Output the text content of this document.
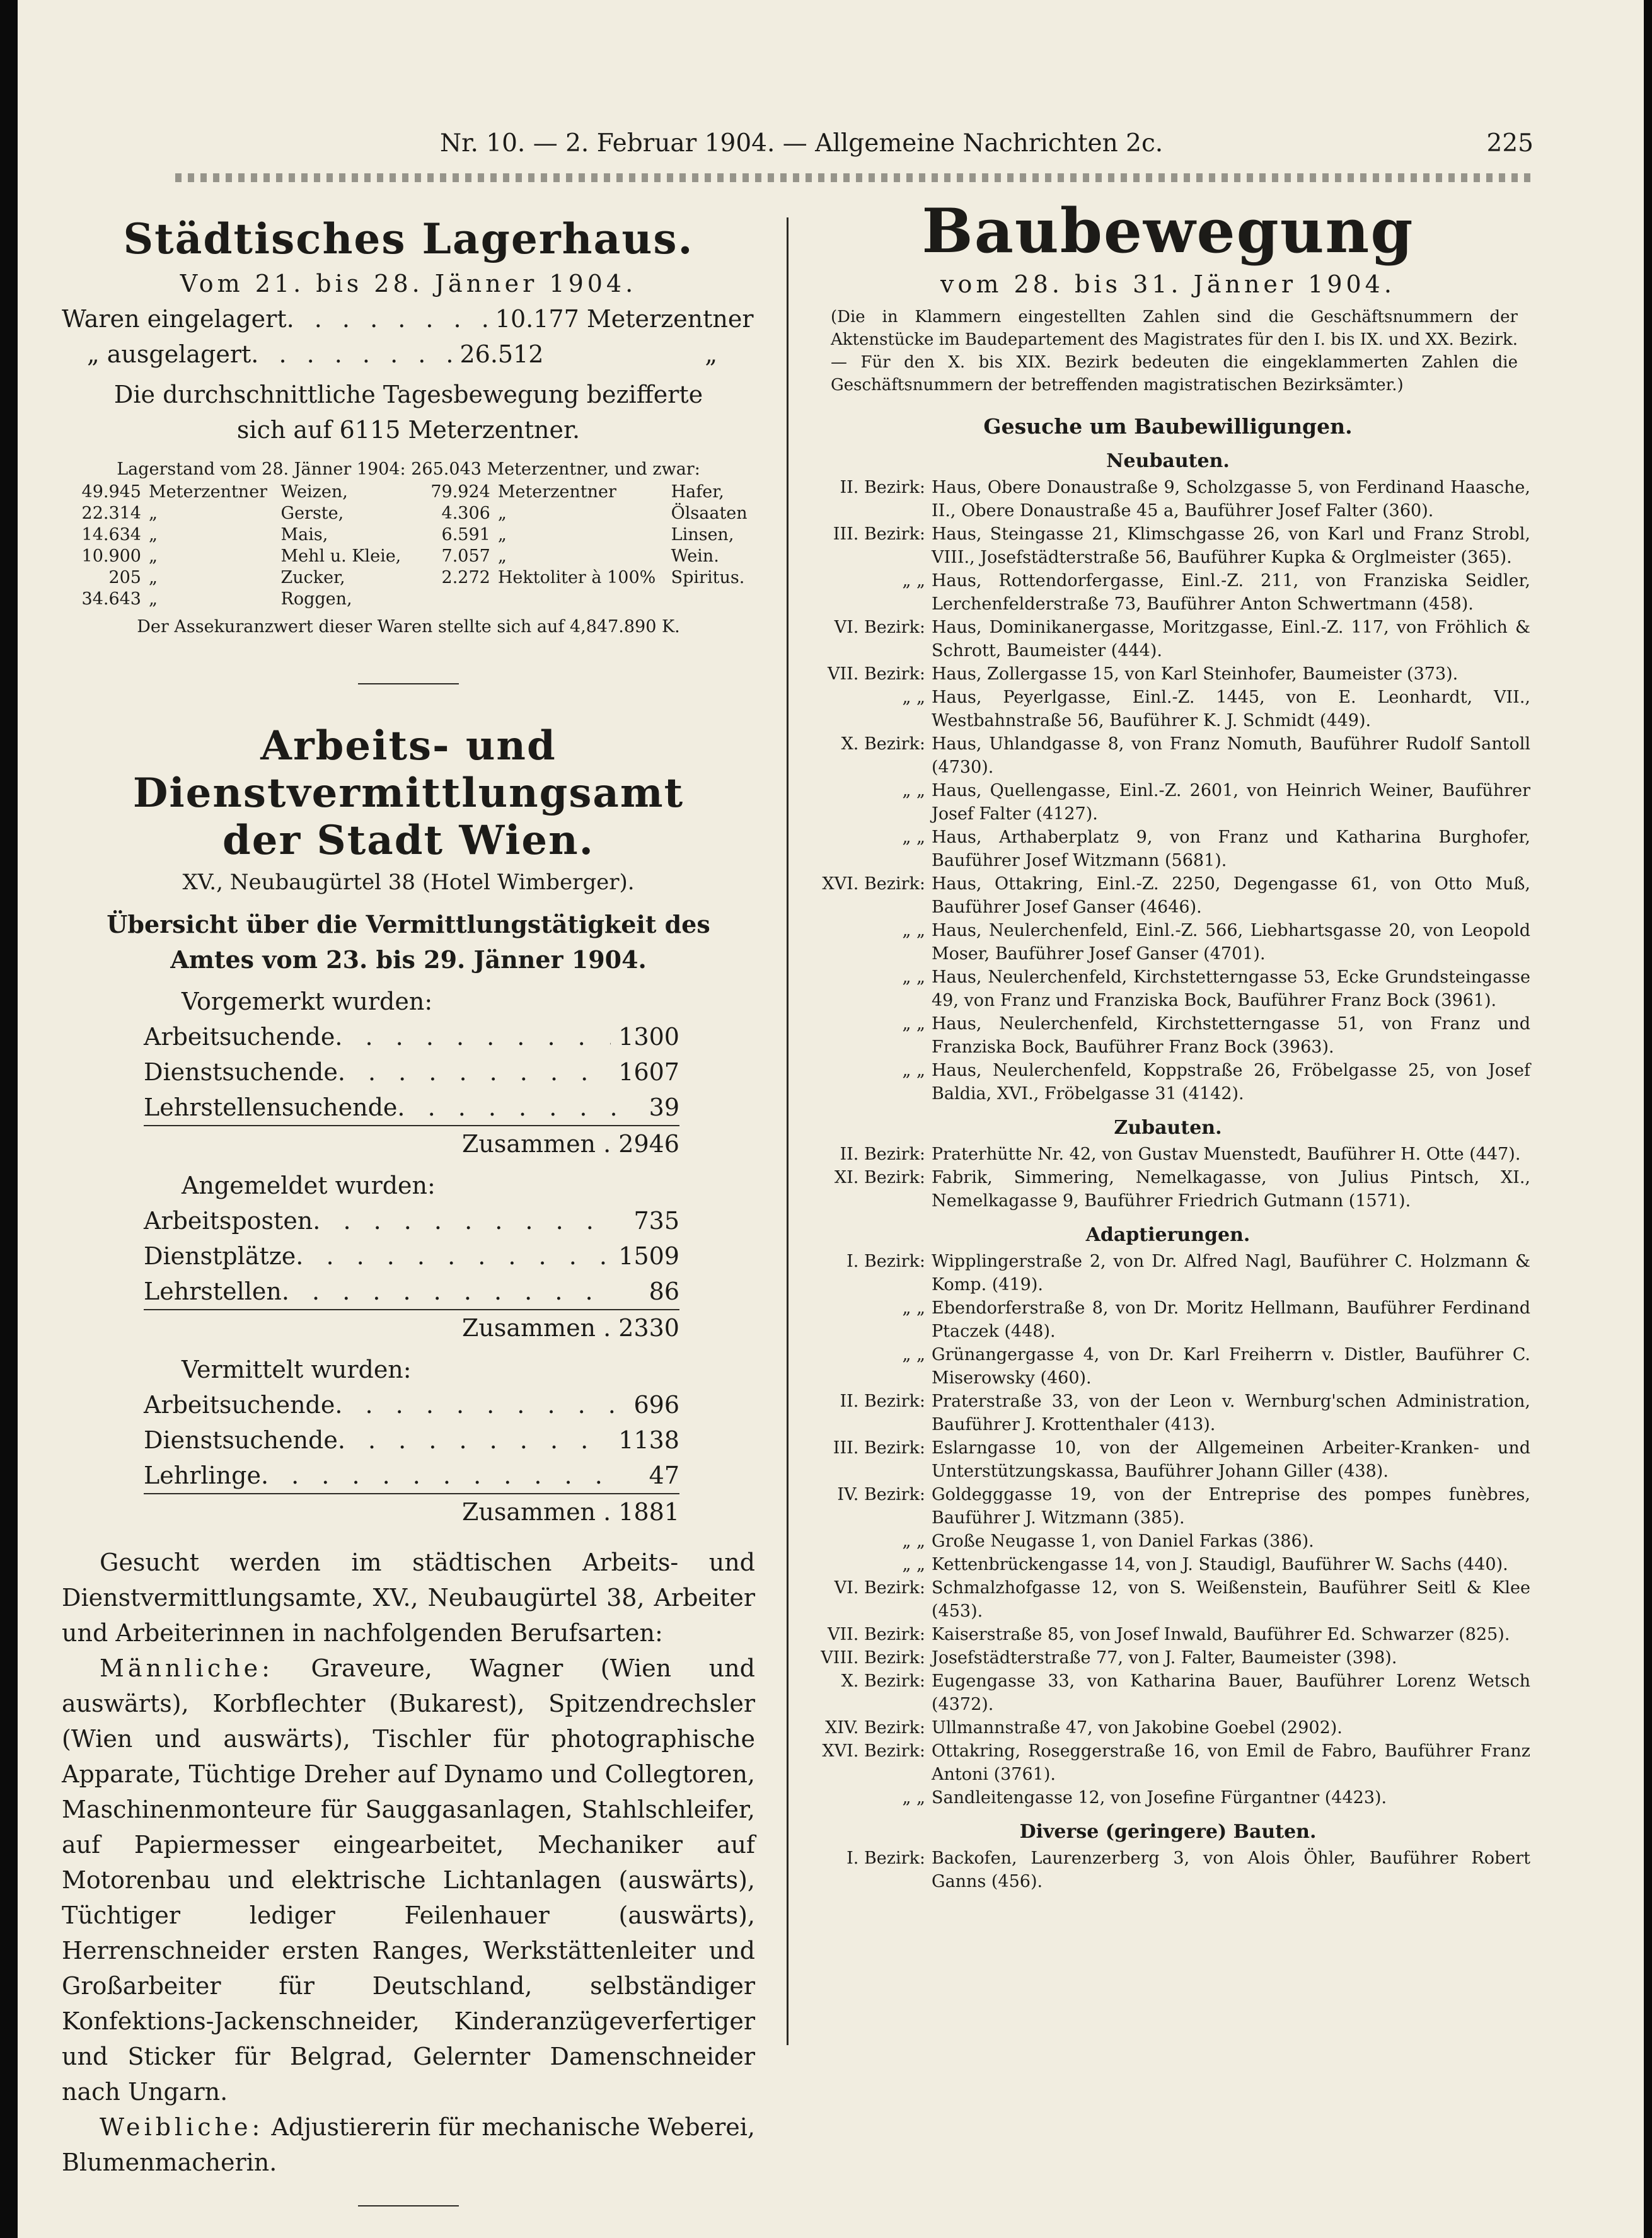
Nr. 10. — 2. Februar 1904. — Allgemeine Nachrichten 2c.	225
Städtisches Lagerhaus.
Vom 21. bis 28. Jänner 1904.
Waren eingelagert . . . . . . . . 10.177 Meterzentner
„ ausgelagert . . . . . . . . 26.512	„
Die durchschnittliche Tagesbewegung bezifferte sich auf 6115 Meterzentner.
Lagerstand vom 28. Jänner 1904: 265.043 Meterzentner, und zwar:
49.945	Meterzentner	Weizen,	79.924	Meterzentner	Hafer,
22.314	„	Gerste,	4.306	„	Ölsaaten
14.634	„	Mais,	6.591	„	Linsen,
10.900	„	Mehl u. Kleie,	7.057	„	Wein.
205	„	Zucker,	2.272	Hektoliter à 100%	Spiritus.
34.643	„	Roggen,			
Der Assekuranzwert dieser Waren stellte sich auf 4,847.890 K.
Arbeits- und Dienstvermittlungsamt
der Stadt Wien.
XV., Neubaugürtel 38 (Hotel Wimberger).
Übersicht über die Vermittlungstätigkeit des Amtes vom 23. bis 29. Jänner 1904.
Vorgemerkt wurden:
Arbeitsuchende . . .	1300
Dienstsuchende . . .	1607
Lehrstellensuchende . . .	39
Zusammen . 2946
Angemeldet wurden:
Arbeitsposten . . .	735
Dienstplätze . . .	1509
Lehrstellen . . .	86
Zusammen . 2330
Vermittelt wurden:
Arbeitsuchende . . .	696
Dienstsuchende . . .	1138
Lehrlinge . . .	47
Zusammen . 1881
Gesucht werden im städtischen Arbeits- und Dienstvermittlungsamte, XV., Neubaugürtel 38, Arbeiter und Arbeiterinnen in nachfolgenden Berufsarten:
Männliche: Graveure, Wagner (Wien und auswärts), Korbflechter (Bukarest), Spitzendrechsler (Wien und auswärts), Tischler für photographische Apparate, Tüchtige Dreher auf Dynamo und Collegtoren, Maschinenmonteure für Sauggasanlagen, Stahlschleifer, auf Papiermesser eingearbeitet, Mechaniker auf Motorenbau und elektrische Lichtanlagen (auswärts), Tüchtiger lediger Feilenhauer (auswärts), Herrenschneider ersten Ranges, Werkstättenleiter und Großarbeiter für Deutschland, selbständiger Konfektions-Jackenschneider, Kinderanzügeverfertiger und Sticker für Belgrad, Gelernter Damenschneider nach Ungarn.
Weibliche: Adjustiererin für mechanische Weberei, Blumenmacherin.
Baubewegung
vom 28. bis 31. Jänner 1904.
(Die in Klammern eingestellten Zahlen sind die Geschäftsnummern der Aktenstücke im Baudepartement des Magistrates für den I. bis IX. und XX. Bezirk. — Für den X. bis XIX. Bezirk bedeuten die eingeklammerten Zahlen die Geschäftsnummern der betreffenden magistratischen Bezirksämter.)
Gesuche um Baubewilligungen.
Neubauten.
II. Bezirk: Haus, Obere Donaustraße 9, Scholzgasse 5, von Ferdinand Haasche, II., Obere Donaustraße 45 a, Bauführer Josef Falter (360).
III. Bezirk: Haus, Steingasse 21, Klimschgasse 26, von Karl und Franz Strobl, VIII., Josefstädterstraße 56, Bauführer Kupka & Orglmeister (365).
„ „ Haus, Rottendorfergasse, Einl.-Z. 211, von Franziska Seidler, Lerchenfelderstraße 73, Bauführer Anton Schwertmann (458).
VI. Bezirk: Haus, Dominikanergasse, Moritzgasse, Einl.-Z. 117, von Fröhlich & Schrott, Baumeister (444).
VII. Bezirk: Haus, Zollergasse 15, von Karl Steinhofer, Baumeister (373).
„ „ Haus, Peyerlgasse, Einl.-Z. 1445, von E. Leonhardt, VII., Westbahnstraße 56, Bauführer K. J. Schmidt (449).
X. Bezirk: Haus, Uhlandgasse 8, von Franz Nomuth, Bauführer Rudolf Santoll (4730).
„ „ Haus, Quellengasse, Einl.-Z. 2601, von Heinrich Weiner, Bauführer Josef Falter (4127).
„ „ Haus, Arthaberplatz 9, von Franz und Katharina Burghofer, Bauführer Josef Witzmann (5681).
XVI. Bezirk: Haus, Ottakring, Einl.-Z. 2250, Degengasse 61, von Otto Muß, Bauführer Josef Ganser (4646).
„ „ Haus, Neulerchenfeld, Einl.-Z. 566, Liebhartsgasse 20, von Leopold Moser, Bauführer Josef Ganser (4701).
„ „ Haus, Neulerchenfeld, Kirchstetterngasse 53, Ecke Grundsteingasse 49, von Franz und Franziska Bock, Bauführer Franz Bock (3961).
„ „ Haus, Neulerchenfeld, Kirchstetterngasse 51, von Franz und Franziska Bock, Bauführer Franz Bock (3963).
„ „ Haus, Neulerchenfeld, Koppstraße 26, Fröbelgasse 25, von Josef Baldia, XVI., Fröbelgasse 31 (4142).
Zubauten.
II. Bezirk: Praterhütte Nr. 42, von Gustav Muenstedt, Bauführer H. Otte (447).
XI. Bezirk: Fabrik, Simmering, Nemelkagasse, von Julius Pintsch, XI., Nemelkagasse 9, Bauführer Friedrich Gutmann (1571).
Adaptierungen.
I. Bezirk: Wipplingerstraße 2, von Dr. Alfred Nagl, Bauführer C. Holzmann & Komp. (419).
„ „ Ebendorferstraße 8, von Dr. Moritz Hellmann, Bauführer Ferdinand Ptaczek (448).
„ „ Grünangergasse 4, von Dr. Karl Freiherrn v. Distler, Bauführer C. Miserowsky (460).
II. Bezirk: Praterstraße 33, von der Leon v. Wernburg'schen Administration, Bauführer J. Krottenthaler (413).
III. Bezirk: Eslarngasse 10, von der Allgemeinen Arbeiter-Kranken- und Unterstützungskassa, Bauführer Johann Giller (438).
IV. Bezirk: Goldegggasse 19, von der Entreprise des pompes funèbres, Bauführer J. Witzmann (385).
„ „ Große Neugasse 1, von Daniel Farkas (386).
„ „ Kettenbrückengasse 14, von J. Staudigl, Bauführer W. Sachs (440).
VI. Bezirk: Schmalzhofgasse 12, von S. Weißenstein, Bauführer Seitl & Klee (453).
VII. Bezirk: Kaiserstraße 85, von Josef Inwald, Bauführer Ed. Schwarzer (825).
VIII. Bezirk: Josefstädterstraße 77, von J. Falter, Baumeister (398).
X. Bezirk: Eugengasse 33, von Katharina Bauer, Bauführer Lorenz Wetsch (4372).
XIV. Bezirk: Ullmannstraße 47, von Jakobine Goebel (2902).
XVI. Bezirk: Ottakring, Roseggerstraße 16, von Emil de Fabro, Bauführer Franz Antoni (3761).
„ „ Sandleitengasse 12, von Josefine Fürgantner (4423).
Diverse (geringere) Bauten.
I. Bezirk: Backofen, Laurenzerberg 3, von Alois Öhler, Bauführer Robert Ganns (456).
